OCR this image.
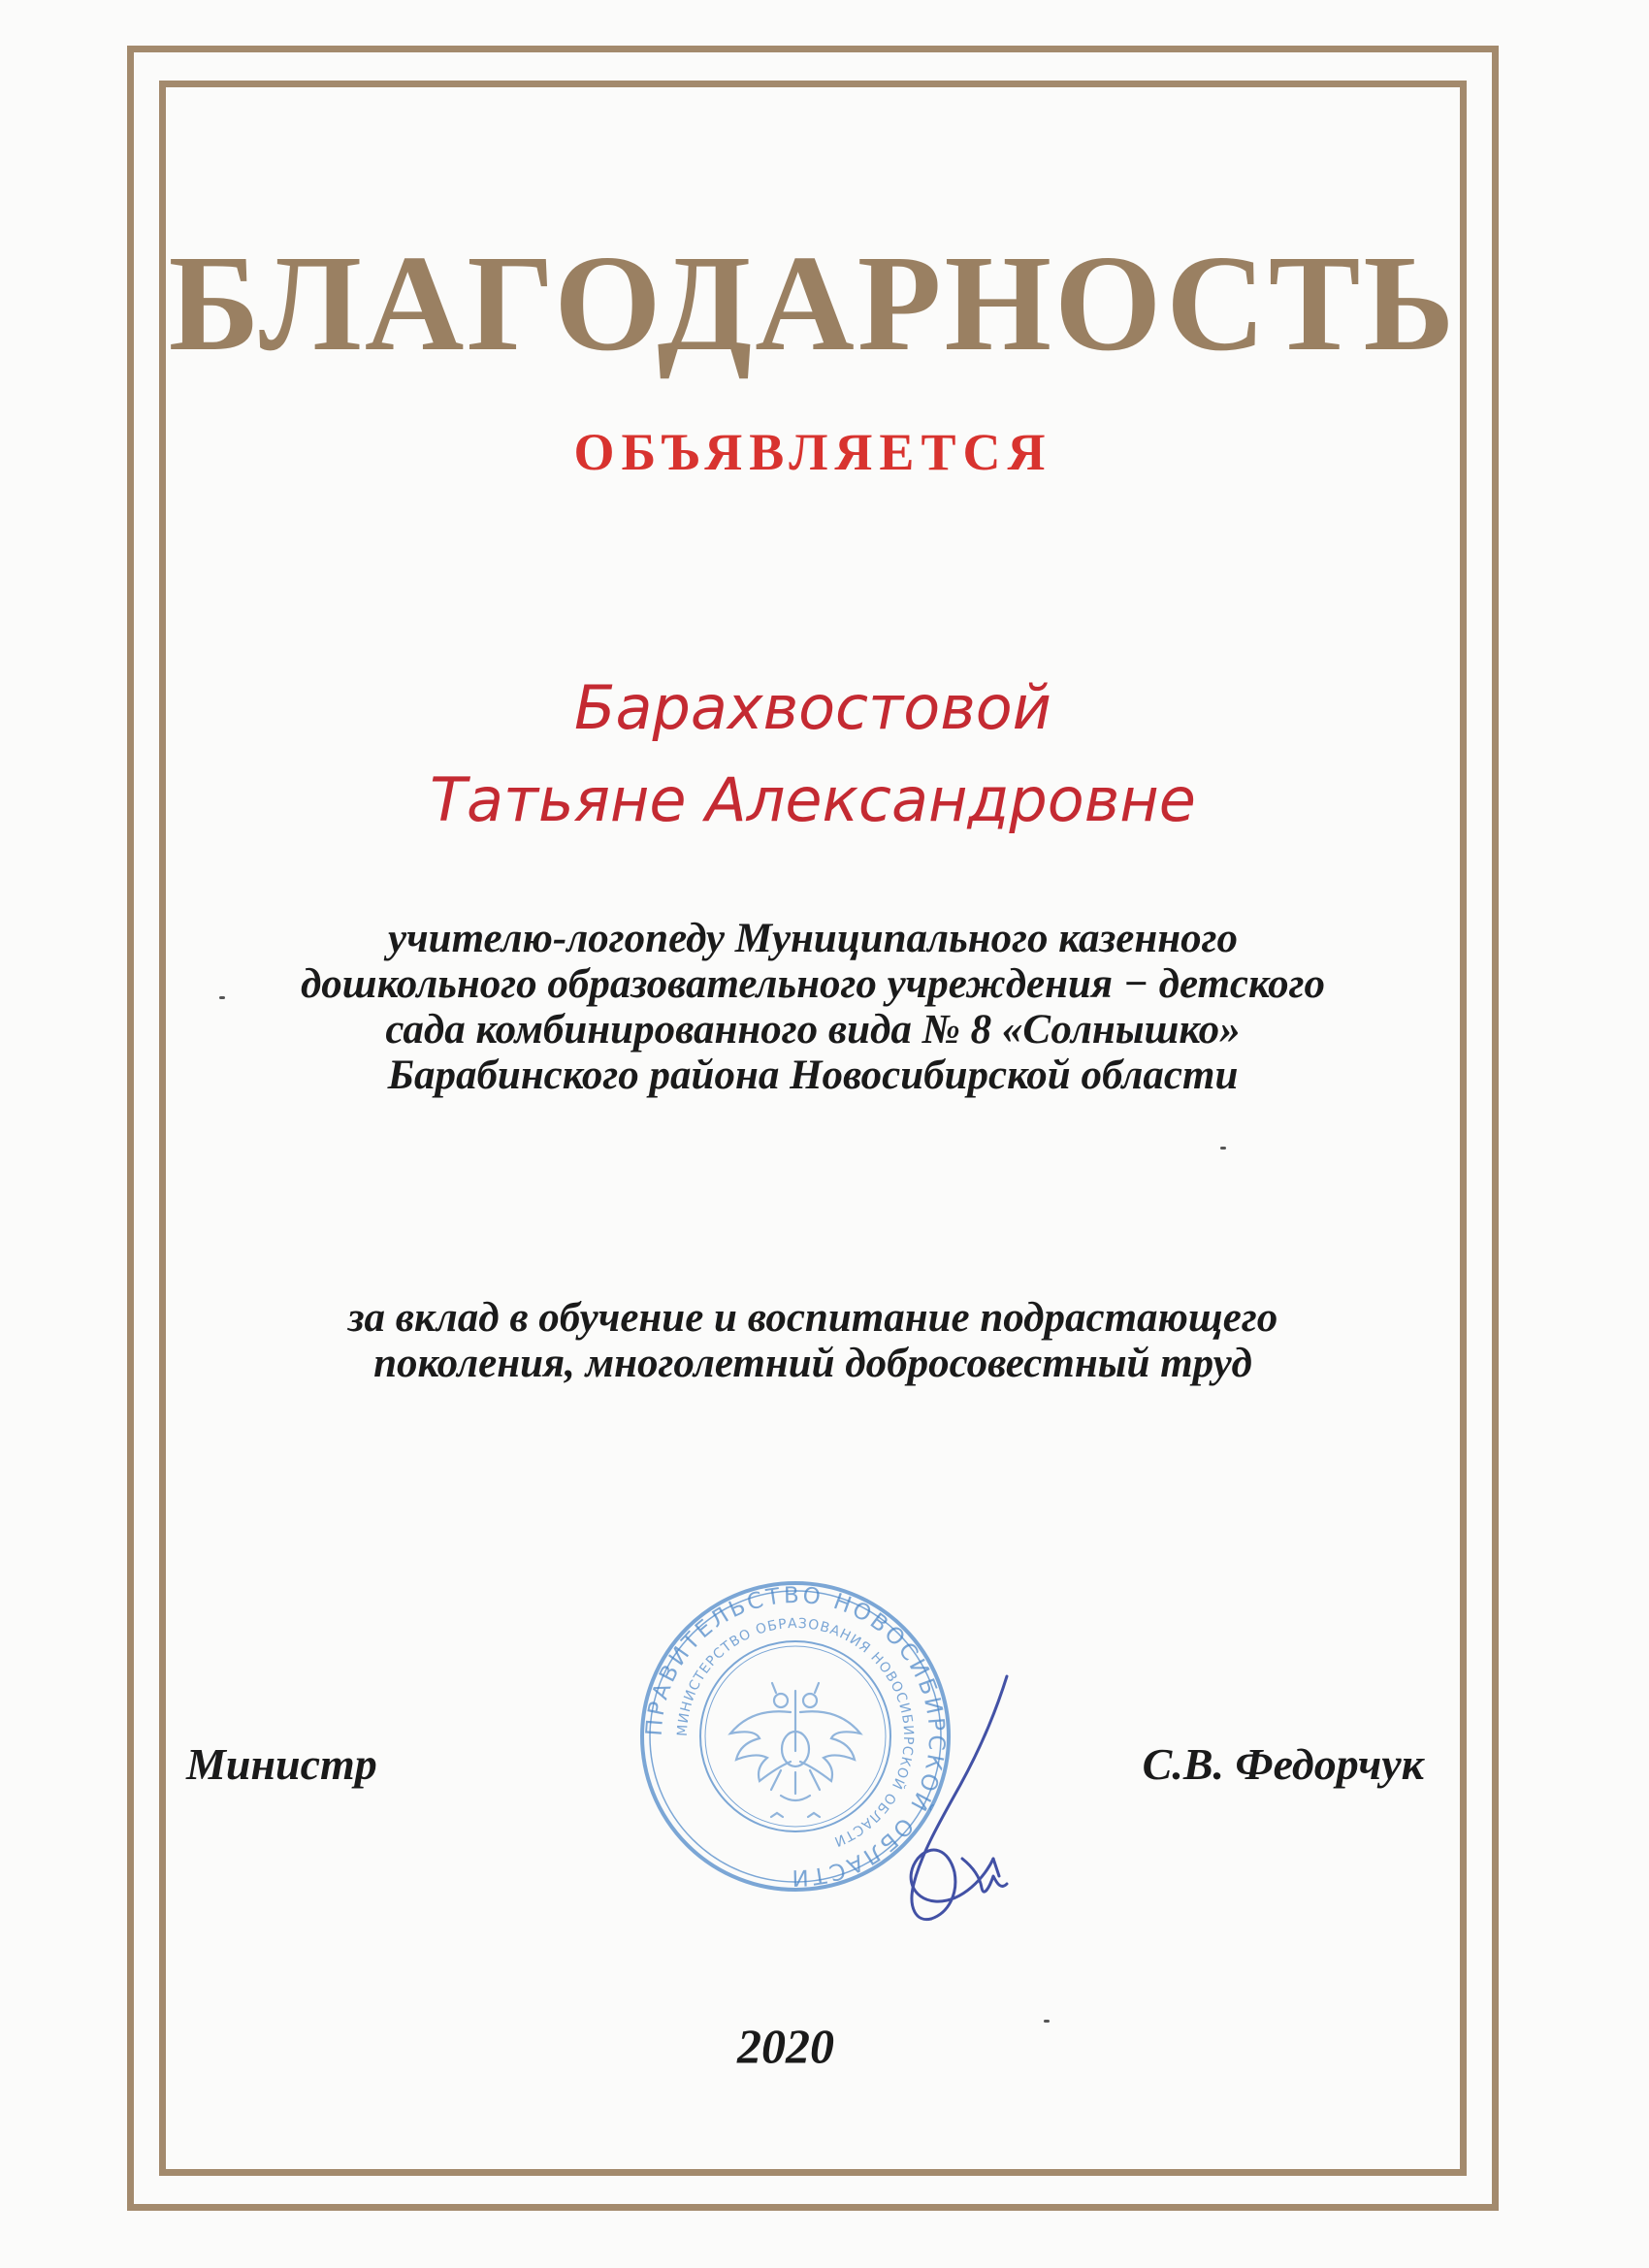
БЛАГОДАРНОСТЬ
ОБЪЯВЛЯЕТСЯ
Барахвостовой
Татьяне Александровне
учителю-логопеду Муниципального казенного
дошкольного образовательного учреждения − детского
сада комбинированного вида № 8 «Солнышко»
Барабинского района Новосибирской области
за вклад в обучение и воспитание подрастающего
поколения, многолетний добросовестный труд
ПРАВИТЕЛЬСТВО НОВОСИБИРСКОЙ ОБЛАСТИ
МИНИСТЕРСТВО ОБРАЗОВАНИЯ НОВОСИБИРСКОЙ ОБЛАСТИ
Министр	С.В. Федорчук
2020
